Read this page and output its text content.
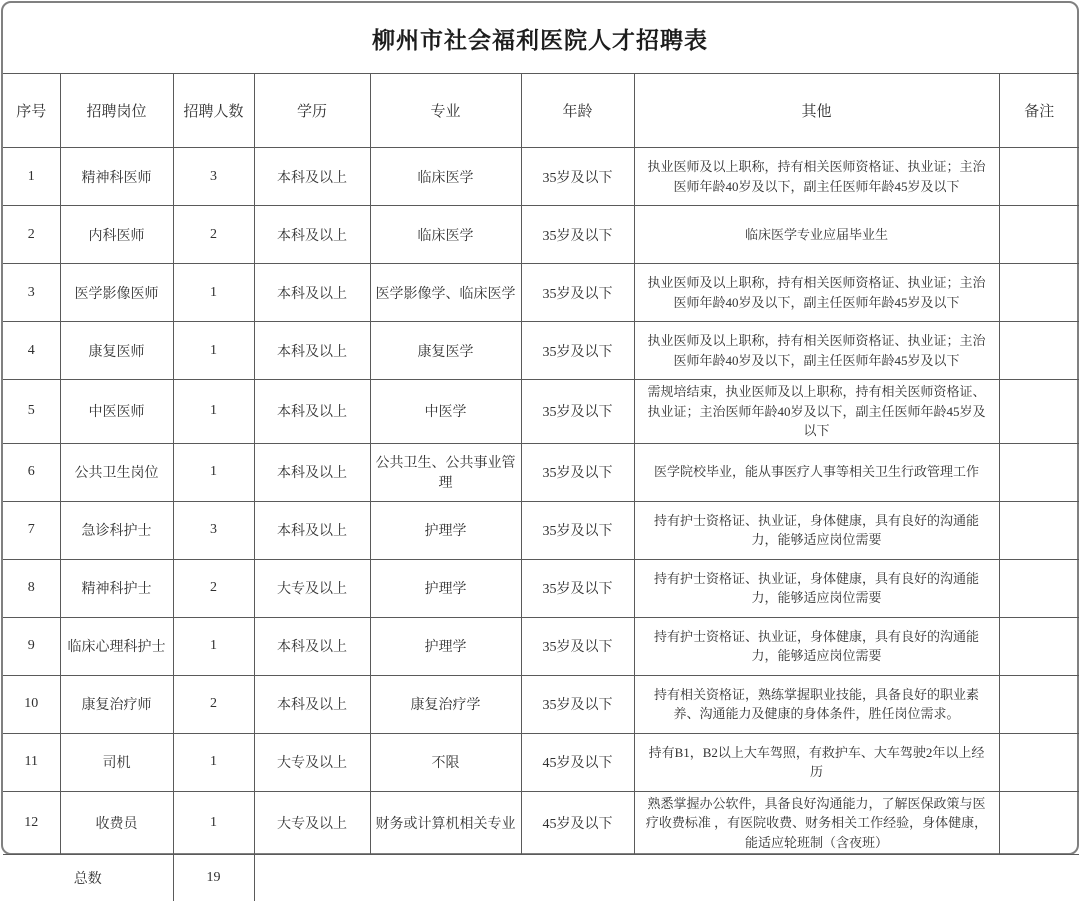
柳州市社会福利医院人才招聘表
序号	招聘岗位	招聘人数	学历	专业	年龄	其他	备注
1	精神科医师	3	本科及以上	临床医学	35岁及以下	执业医师及以上职称，持有相关医师资格证、执业证；主治医师年龄40岁及以下，副主任医师年龄45岁及以下	
2	内科医师	2	本科及以上	临床医学	35岁及以下	临床医学专业应届毕业生	
3	医学影像医师	1	本科及以上	医学影像学、临床医学	35岁及以下	执业医师及以上职称，持有相关医师资格证、执业证；主治医师年龄40岁及以下，副主任医师年龄45岁及以下	
4	康复医师	1	本科及以上	康复医学	35岁及以下	执业医师及以上职称，持有相关医师资格证、执业证；主治医师年龄40岁及以下，副主任医师年龄45岁及以下	
5	中医医师	1	本科及以上	中医学	35岁及以下	需规培结束，执业医师及以上职称，持有相关医师资格证、执业证；主治医师年龄40岁及以下，副主任医师年龄45岁及以下	
6	公共卫生岗位	1	本科及以上	公共卫生、公共事业管理	35岁及以下	医学院校毕业，能从事医疗人事等相关卫生行政管理工作	
7	急诊科护士	3	本科及以上	护理学	35岁及以下	持有护士资格证、执业证，身体健康，具有良好的沟通能力，能够适应岗位需要	
8	精神科护士	2	大专及以上	护理学	35岁及以下	持有护士资格证、执业证，身体健康，具有良好的沟通能力，能够适应岗位需要	
9	临床心理科护士	1	本科及以上	护理学	35岁及以下	持有护士资格证、执业证，身体健康，具有良好的沟通能力，能够适应岗位需要	
10	康复治疗师	2	本科及以上	康复治疗学	35岁及以下	持有相关资格证，熟练掌握职业技能，具备良好的职业素养、沟通能力及健康的身体条件，胜任岗位需求。	
11	司机	1	大专及以上	不限	45岁及以下	持有B1，B2以上大车驾照，有救护车、大车驾驶2年以上经历	
12	收费员	1	大专及以上	财务或计算机相关专业	45岁及以下	熟悉掌握办公软件，具备良好沟通能力，了解医保政策与医疗收费标准 ，有医院收费、财务相关工作经验，身体健康，能适应轮班制（含夜班）	
总数		19					
